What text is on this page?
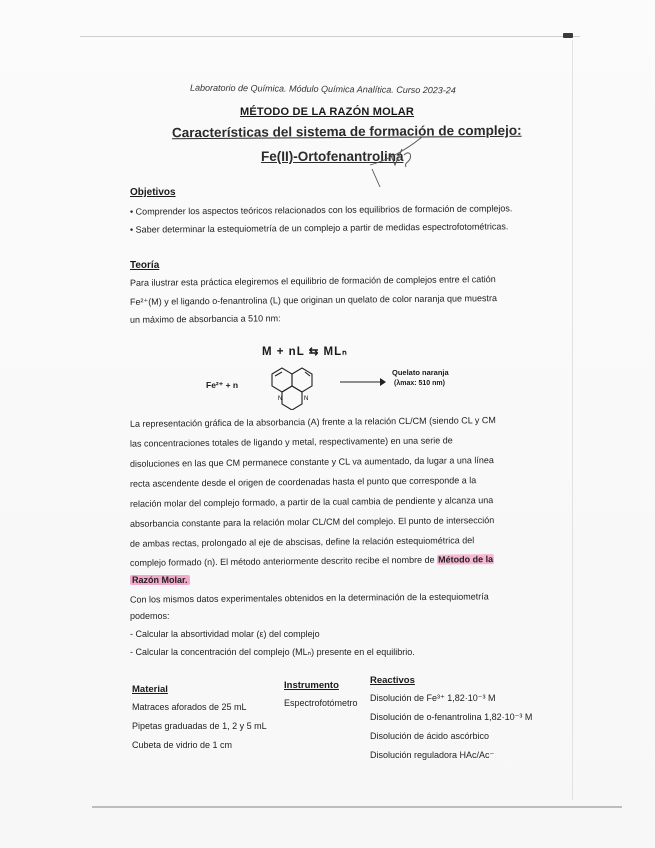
Laboratorio de Química. Módulo Química Analítica. Curso 2023-24
MÉTODO DE LA RAZÓN MOLAR
Características del sistema de formación de complejo:
Fe(II)-Ortofenantrolina
Objetivos
• Comprender los aspectos teóricos relacionados con los equilibrios de formación de complejos.
• Saber determinar la estequiometría de un complejo a partir de medidas espectrofotométricas.
Teoría
Para ilustrar esta práctica elegiremos el equilibrio de formación de complejos entre el catión
Fe²⁺(M) y el ligando o-fenantrolina (L) que originan un quelato de color naranja que muestra
un máximo de absorbancia a 510 nm:
M + nL ⇆ MLₙ
Fe²⁺ + n
N	N
Quelato naranja
(λmax: 510 nm)
La representación gráfica de la absorbancia (A) frente a la relación CL/CM (siendo CL y CM
las concentraciones totales de ligando y metal, respectivamente) en una serie de
disoluciones en las que CM permanece constante y CL va aumentado, da lugar a una línea
recta ascendente desde el origen de coordenadas hasta el punto que corresponde a la
relación molar del complejo formado, a partir de la cual cambia de pendiente y alcanza una
absorbancia constante para la relación molar CL/CM del complejo. El punto de intersección
de ambas rectas, prolongado al eje de abscisas, define la relación estequiométrica del
complejo formado (n). El método anteriormente descrito recibe el nombre de Método de la
Razón Molar.
Con los mismos datos experimentales obtenidos en la determinación de la estequiometría
podemos:
- Calcular la absortividad molar (ε) del complejo
- Calcular la concentración del complejo (MLₙ) presente en el equilibrio.
Material
Matraces aforados de 25 mL
Pipetas graduadas de 1, 2 y 5 mL
Cubeta de vidrio de 1 cm
Instrumento
Espectrofotómetro
Reactivos
Disolución de Fe³⁺ 1,82·10⁻³ M
Disolución de o-fenantrolina 1,82·10⁻³ M
Disolución de ácido ascórbico
Disolución reguladora HAc/Ac⁻
